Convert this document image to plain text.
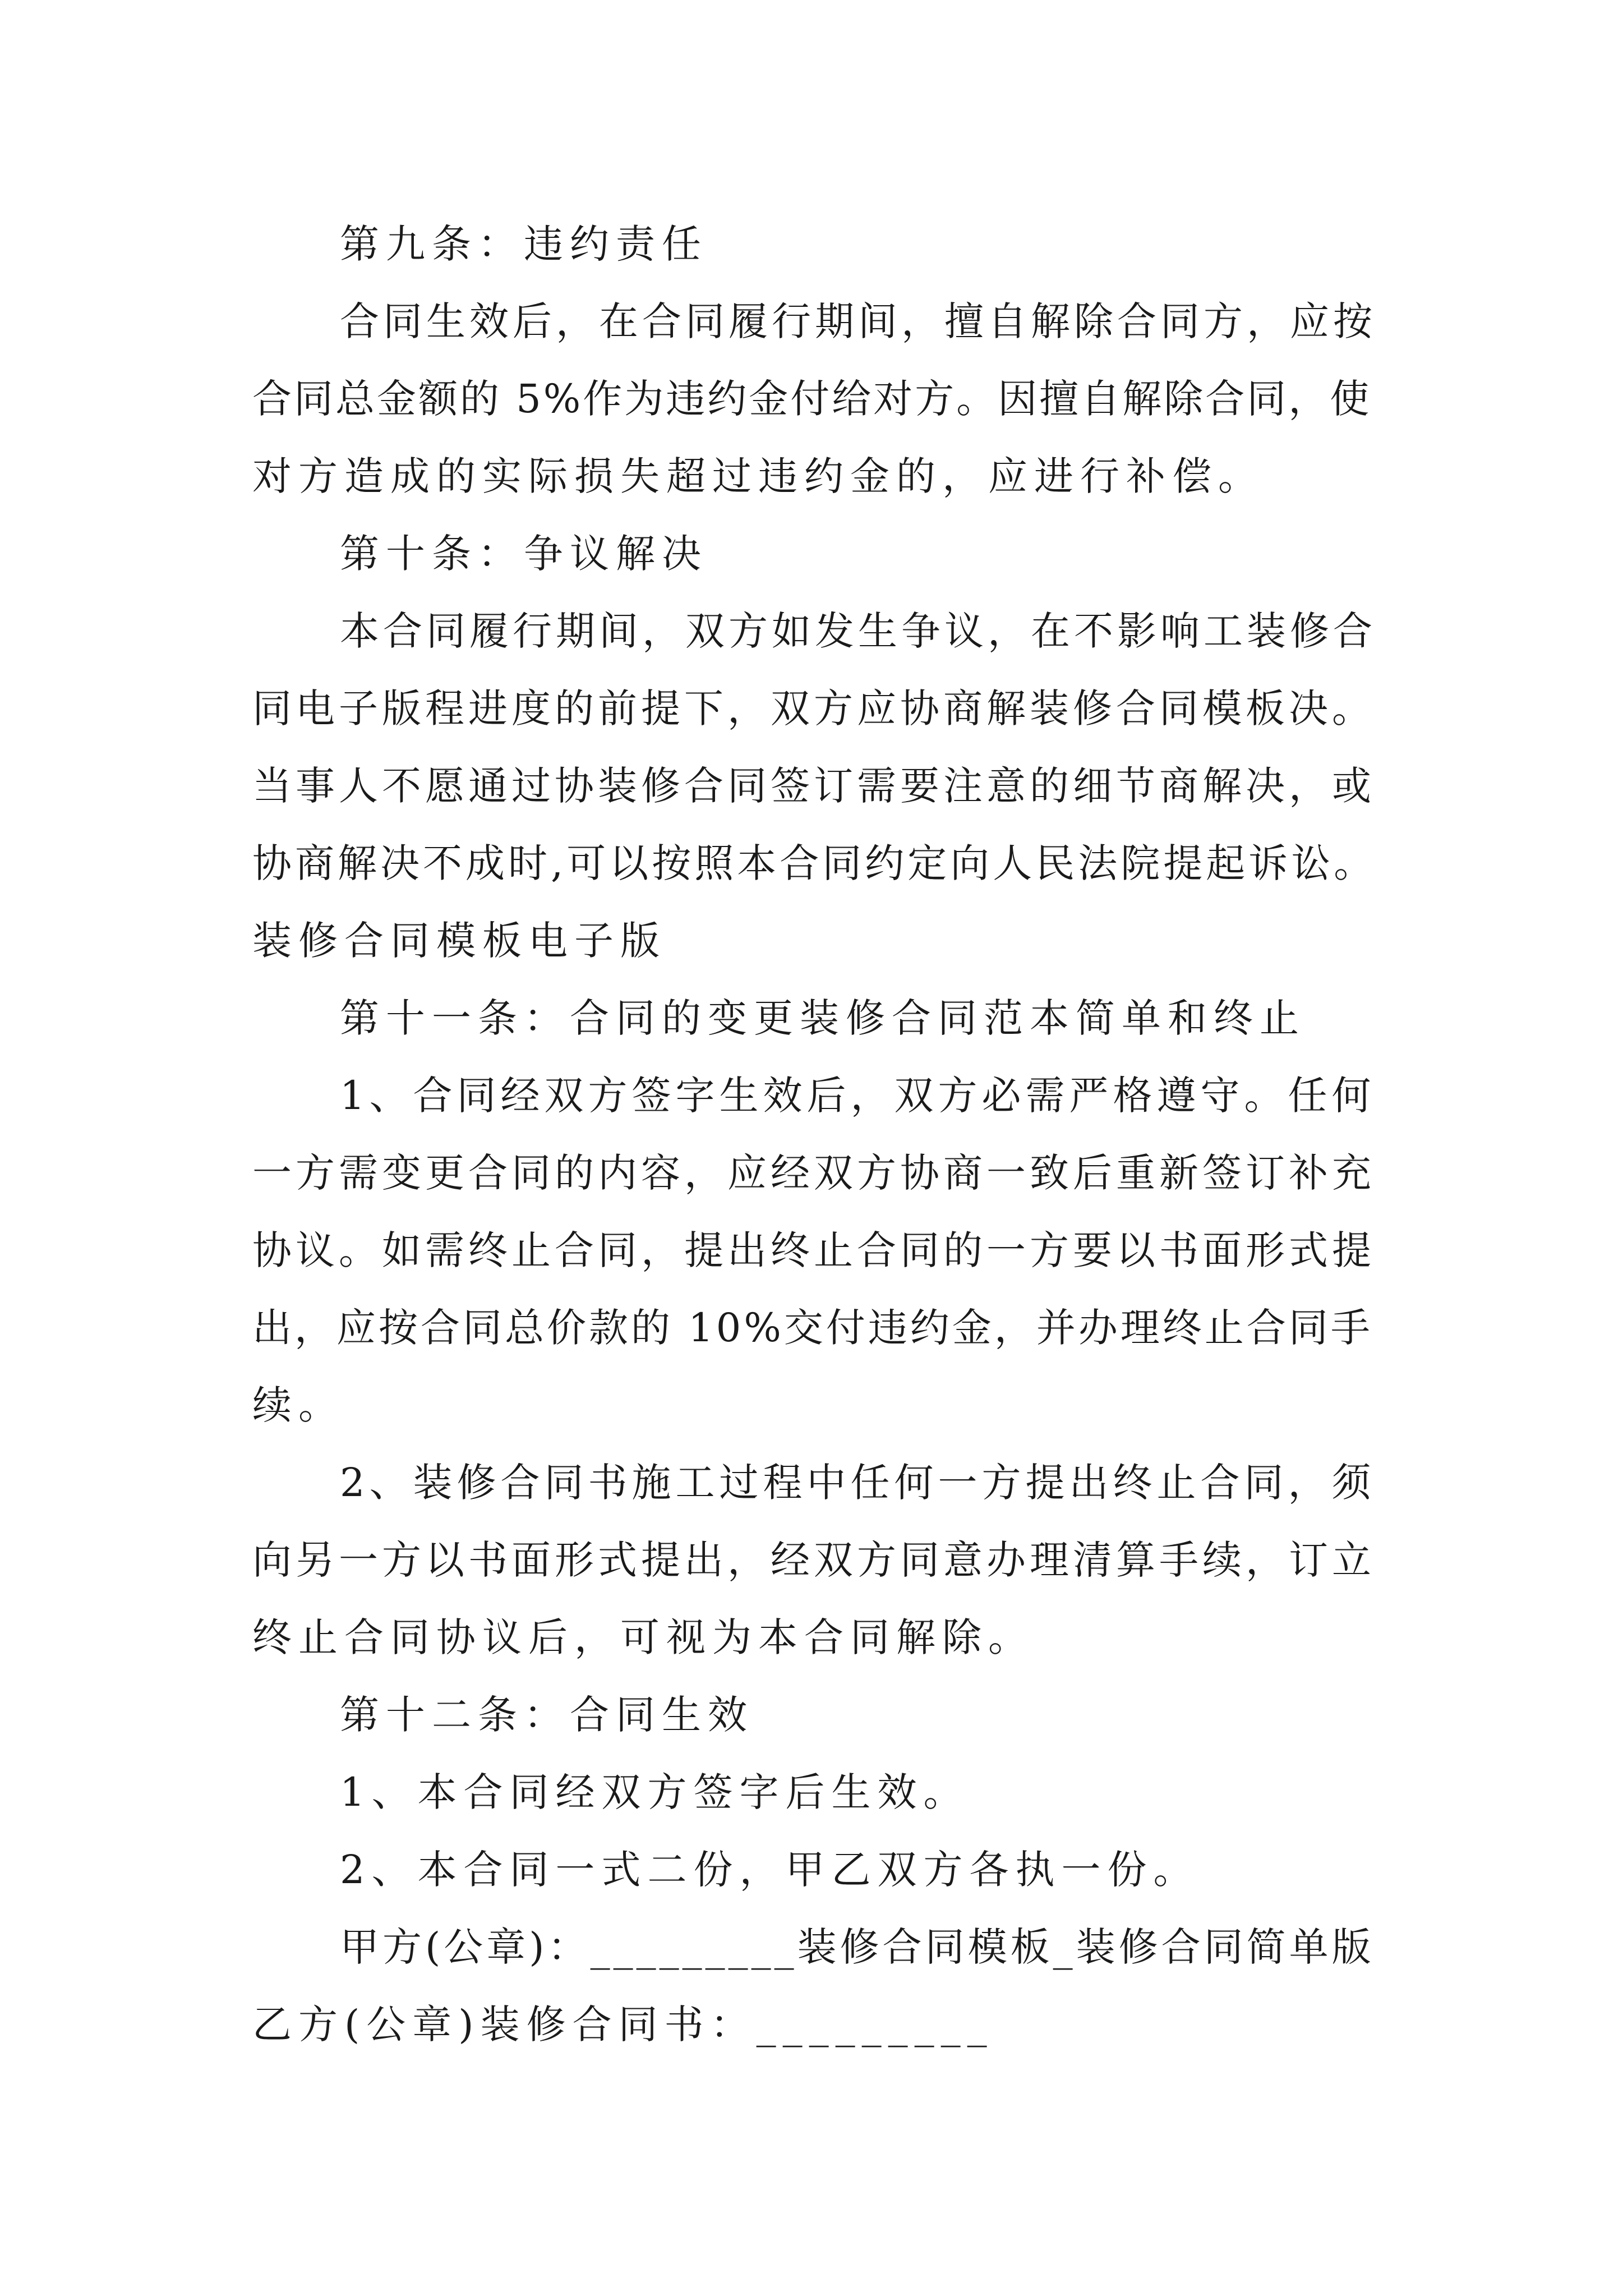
第九条：违约责任
合同生效后，在合同履行期间，擅自解除合同方，应按
合同总金额的 5%作为违约金付给对方。因擅自解除合同，使
对方造成的实际损失超过违约金的，应进行补偿。
第十条：争议解决
本合同履行期间，双方如发生争议，在不影响工装修合
同电子版程进度的前提下，双方应协商解装修合同模板决。
当事人不愿通过协装修合同签订需要注意的细节商解决，或
协商解决不成时,可以按照本合同约定向人民法院提起诉讼。
装修合同模板电子版
第十一条：合同的变更装修合同范本简单和终止
1、合同经双方签字生效后，双方必需严格遵守。任何
一方需变更合同的内容，应经双方协商一致后重新签订补充
协议。如需终止合同，提出终止合同的一方要以书面形式提
出，应按合同总价款的 10%交付违约金，并办理终止合同手
续。
2、装修合同书施工过程中任何一方提出终止合同，须
向另一方以书面形式提出，经双方同意办理清算手续，订立
终止合同协议后，可视为本合同解除。
第十二条：合同生效
1、本合同经双方签字后生效。
2、本合同一式二份，甲乙双方各执一份。
甲方(公章)：_________装修合同模板_装修合同简单版
乙方(公章)装修合同书：_________
